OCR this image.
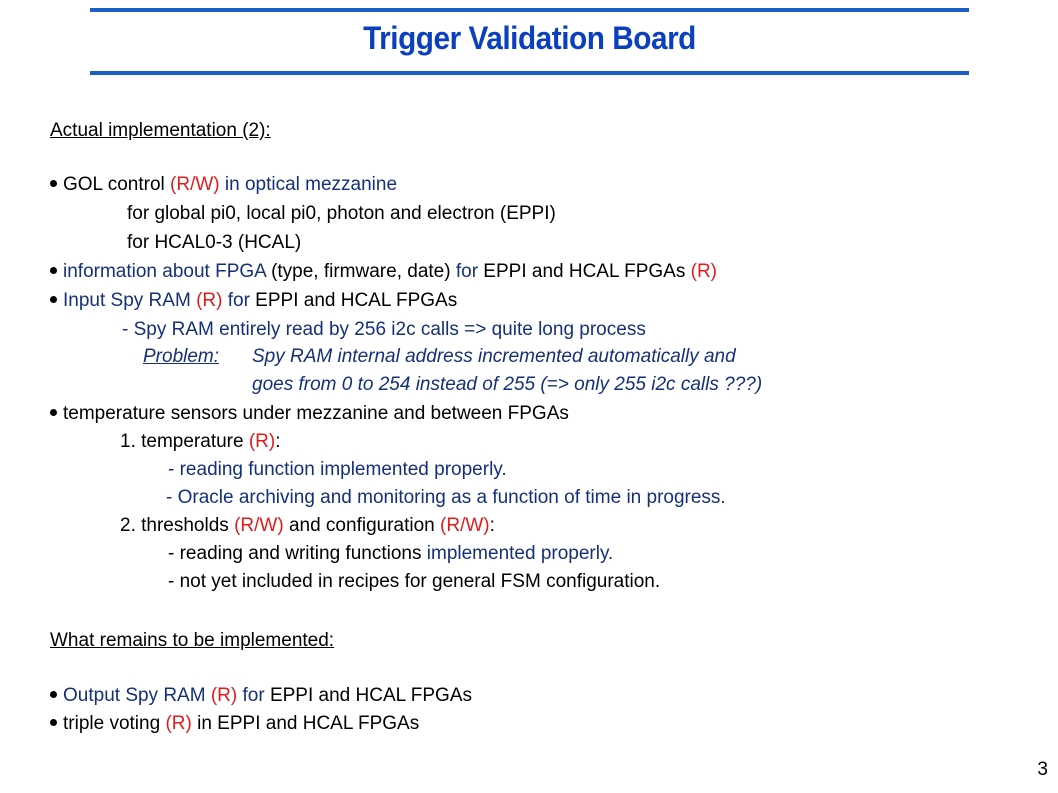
Trigger Validation Board
Actual implementation (2):
GOL control (R/W) in optical mezzanine
for global pi0, local pi0, photon and electron (EPPI)
for HCAL0-3 (HCAL)
information about FPGA (type, firmware, date) for EPPI and HCAL FPGAs (R)
Input Spy RAM (R) for EPPI and HCAL FPGAs
- Spy RAM entirely read by 256 i2c calls => quite long process
Problem: Spy RAM internal address incremented automatically and
goes from 0 to 254 instead of 255 (=> only 255 i2c calls ???)
temperature sensors under mezzanine and between FPGAs
1. temperature (R):
- reading function implemented properly.
- Oracle archiving and monitoring as a function of time in progress.
2. thresholds (R/W) and configuration (R/W):
- reading and writing functions implemented properly.
- not yet included in recipes for general FSM configuration.
What remains to be implemented:
Output Spy RAM (R) for EPPI and HCAL FPGAs
triple voting (R) in EPPI and HCAL FPGAs
3
